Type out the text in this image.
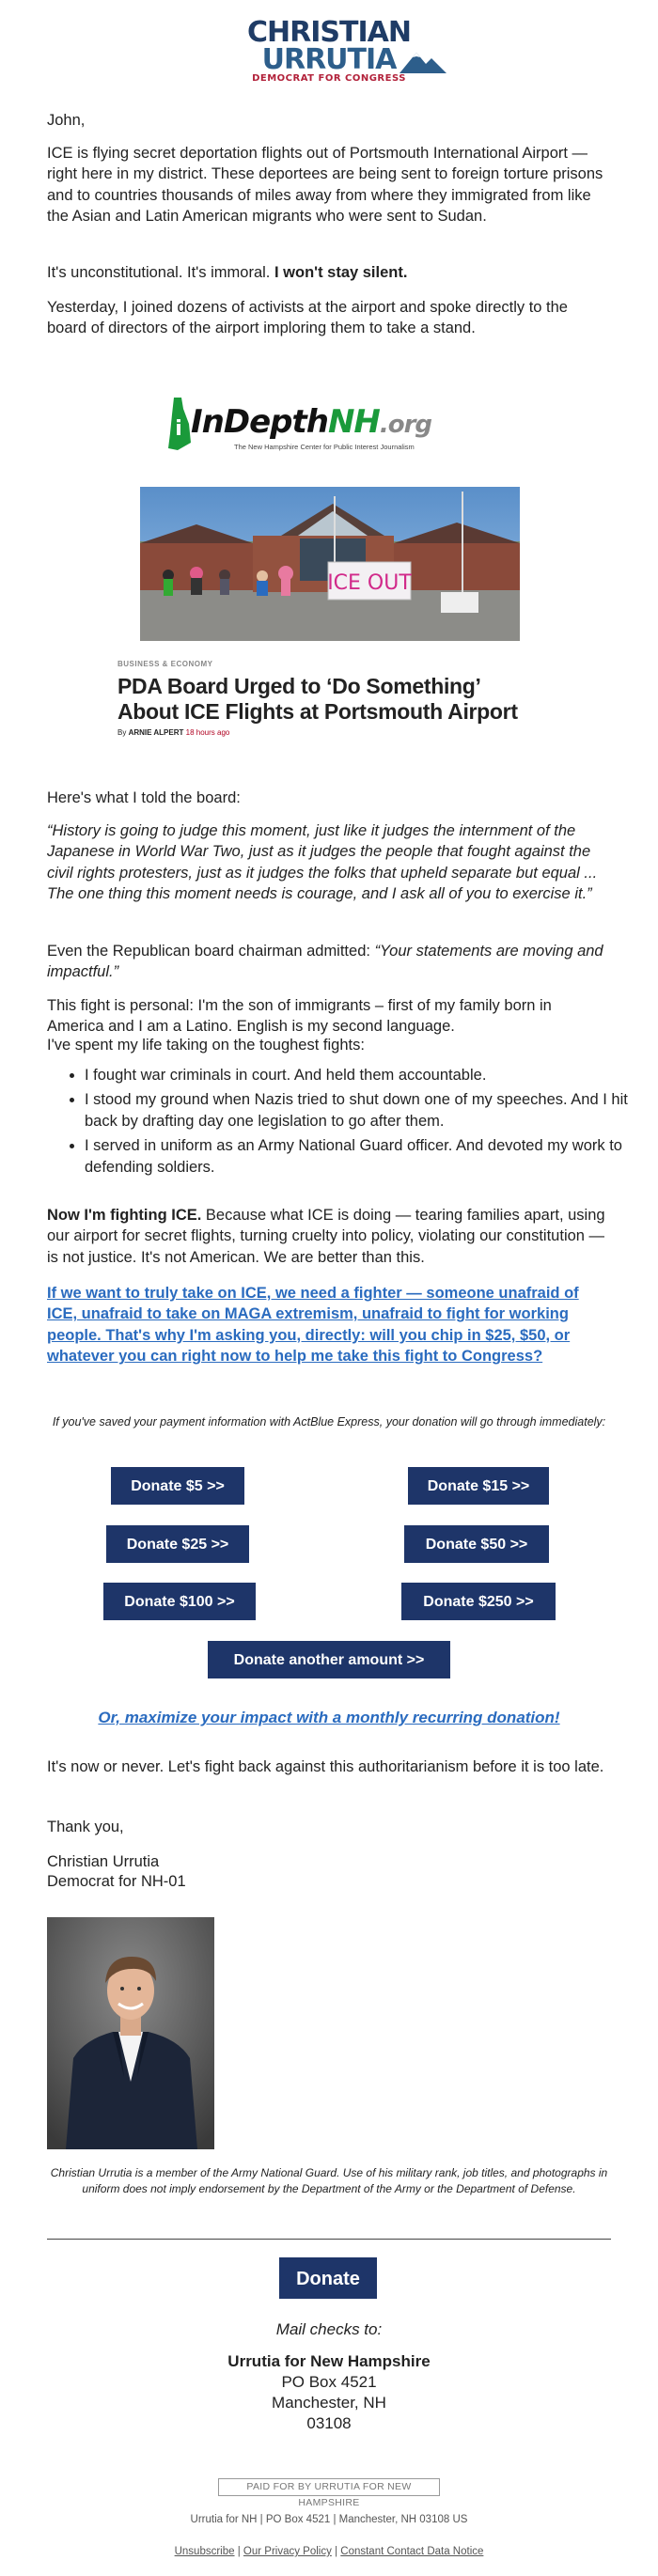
CHRISTIAN
URRUTIA
DEMOCRAT FOR CONGRESS

John,

ICE is flying secret deportation flights out of Portsmouth International Airport — right here in my district. These deportees are being sent to foreign torture prisons and to countries thousands of miles away from where they immigrated from like the Asian and Latin American migrants who were sent to Sudan.

It's unconstitutional. It's immoral. I won't stay silent.

Yesterday, I joined dozens of activists at the airport and spoke directly to the board of directors of the airport imploring them to take a stand.

i InDepthNH.org
The New Hampshire Center for Public Interest Journalism
ICE OUT
BUSINESS & ECONOMY
PDA Board Urged to ‘Do Something’ About ICE Flights at Portsmouth Airport
By ARNIE ALPERT 18 hours ago

Here's what I told the board:

“History is going to judge this moment, just like it judges the internment of the Japanese in World War Two, just as it judges the people that fought against the civil rights protesters, just as it judges the folks that upheld separate but equal ... The one thing this moment needs is courage, and I ask all of you to exercise it.”

Even the Republican board chairman admitted: “Your statements are moving and impactful.”

This fight is personal: I'm the son of immigrants – first of my family born in America and I am a Latino. English is my second language.

I've spent my life taking on the toughest fights:

• I fought war criminals in court. And held them accountable.
• I stood my ground when Nazis tried to shut down one of my speeches. And I hit back by drafting day one legislation to go after them.
• I served in uniform as an Army National Guard officer. And devoted my work to defending soldiers.

Now I'm fighting ICE. Because what ICE is doing — tearing families apart, using our airport for secret flights, turning cruelty into policy, violating our constitution — is not justice. It's not American. We are better than this.

If we want to truly take on ICE, we need a fighter — someone unafraid of ICE, unafraid to take on MAGA extremism, unafraid to fight for working people. That's why I'm asking you, directly: will you chip in $25, $50, or whatever you can right now to help me take this fight to Congress?

If you've saved your payment information with ActBlue Express, your donation will go through immediately:

Donate $5 >>	Donate $15 >>
Donate $25 >>	Donate $50 >>
Donate $100 >>	Donate $250 >>
Donate another amount >>

Or, maximize your impact with a monthly recurring donation!

It's now or never. Let's fight back against this authoritarianism before it is too late.

Thank you,

Christian Urrutia

Democrat for NH-01

Christian Urrutia is a member of the Army National Guard. Use of his military rank, job titles, and photographs in uniform does not imply endorsement by the Department of the Army or the Department of Defense.

Donate
Mail checks to:
Urrutia for New Hampshire
PO Box 4521
Manchester, NH
03108
PAID FOR BY URRUTIA FOR NEW HAMPSHIRE
Urrutia for NH | PO Box 4521 | Manchester, NH 03108 US
Unsubscribe | Our Privacy Policy | Constant Contact Data Notice
